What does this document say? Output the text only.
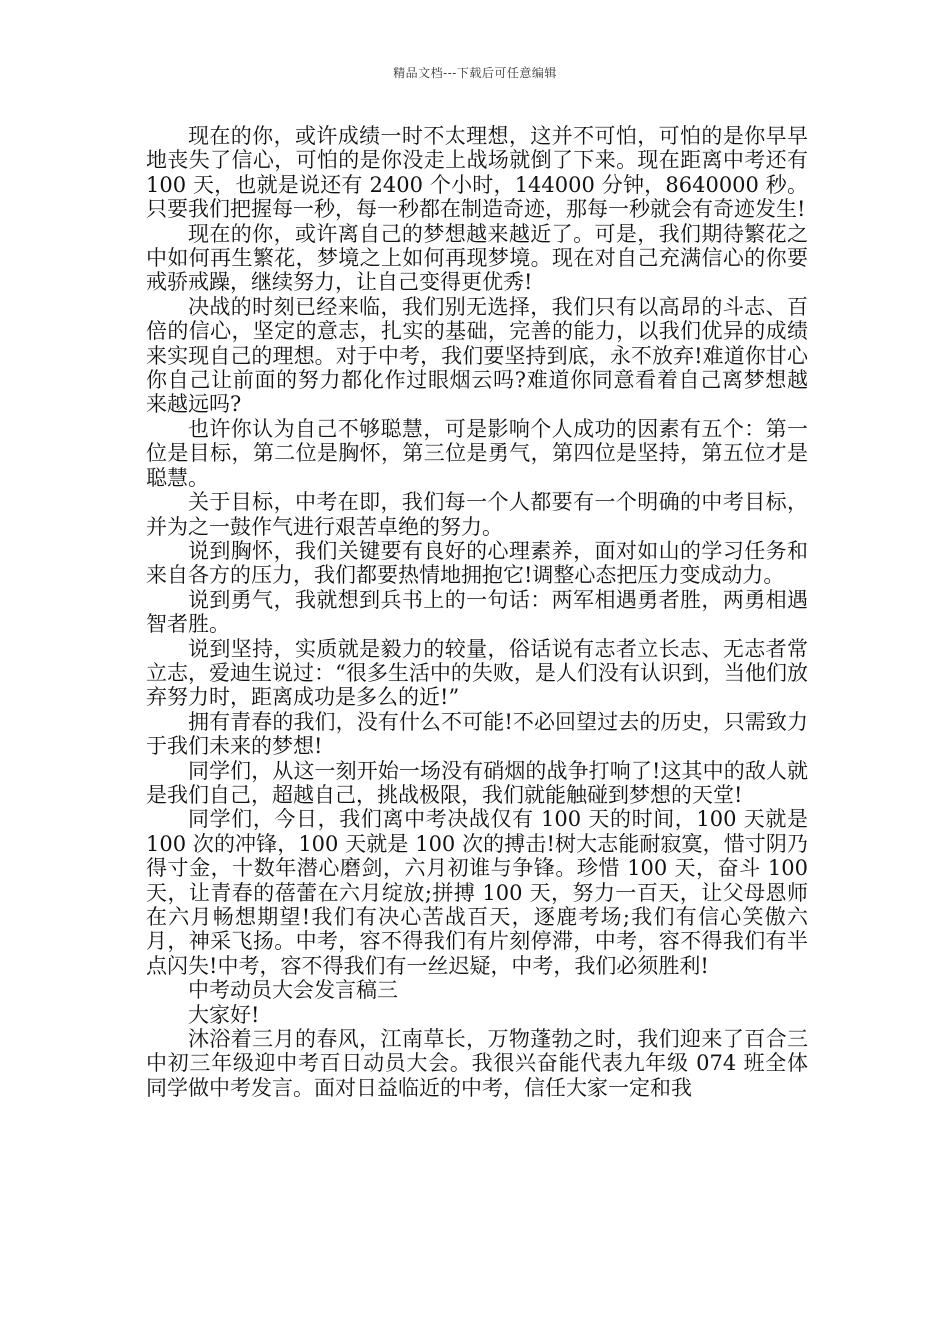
精品文档---下载后可任意编辑

现在的你，或许成绩一时不太理想，这并不可怕，可怕的是你早早地丧失了信心，可怕的是你没走上战场就倒了下来。现在距离中考还有 100 天，也就是说还有 2400 个小时，144000 分钟，8640000 秒。只要我们把握每一秒，每一秒都在制造奇迹，那每一秒就会有奇迹发生!

现在的你，或许离自己的梦想越来越近了。可是，我们期待繁花之中如何再生繁花，梦境之上如何再现梦境。现在对自己充满信心的你要戒骄戒躁，继续努力，让自己变得更优秀!

决战的时刻已经来临，我们别无选择，我们只有以高昂的斗志、百倍的信心，坚定的意志，扎实的基础，完善的能力，以我们优异的成绩来实现自己的理想。对于中考，我们要坚持到底，永不放弃!难道你甘心你自己让前面的努力都化作过眼烟云吗?难道你同意看着自己离梦想越来越远吗?

也许你认为自己不够聪慧，可是影响个人成功的因素有五个：第一位是目标，第二位是胸怀，第三位是勇气，第四位是坚持，第五位才是聪慧。

关于目标，中考在即，我们每一个人都要有一个明确的中考目标，并为之一鼓作气进行艰苦卓绝的努力。

说到胸怀，我们关键要有良好的心理素养，面对如山的学习任务和来自各方的压力，我们都要热情地拥抱它!调整心态把压力变成动力。

说到勇气，我就想到兵书上的一句话：两军相遇勇者胜，两勇相遇智者胜。

说到坚持，实质就是毅力的较量，俗话说有志者立长志、无志者常立志，爱迪生说过：“很多生活中的失败，是人们没有认识到，当他们放弃努力时，距离成功是多么的近!”

拥有青春的我们，没有什么不可能!不必回望过去的历史，只需致力于我们未来的梦想!

同学们，从这一刻开始一场没有硝烟的战争打响了!这其中的敌人就是我们自己，超越自己，挑战极限，我们就能触碰到梦想的天堂!

同学们，今日，我们离中考决战仅有 100 天的时间，100 天就是 100 次的冲锋，100 天就是 100 次的搏击!树大志能耐寂寞，惜寸阴乃得寸金，十数年潜心磨剑，六月初谁与争锋。珍惜 100 天，奋斗 100 天，让青春的蓓蕾在六月绽放;拼搏 100 天，努力一百天，让父母恩师在六月畅想期望!我们有决心苦战百天，逐鹿考场;我们有信心笑傲六月，神采飞扬。中考，容不得我们有片刻停滞，中考，容不得我们有半点闪失!中考，容不得我们有一丝迟疑，中考，我们必须胜利!

中考动员大会发言稿三

大家好!

沐浴着三月的春风，江南草长，万物蓬勃之时，我们迎来了百合三中初三年级迎中考百日动员大会。我很兴奋能代表九年级 074 班全体同学做中考发言。面对日益临近的中考，信任大家一定和我
